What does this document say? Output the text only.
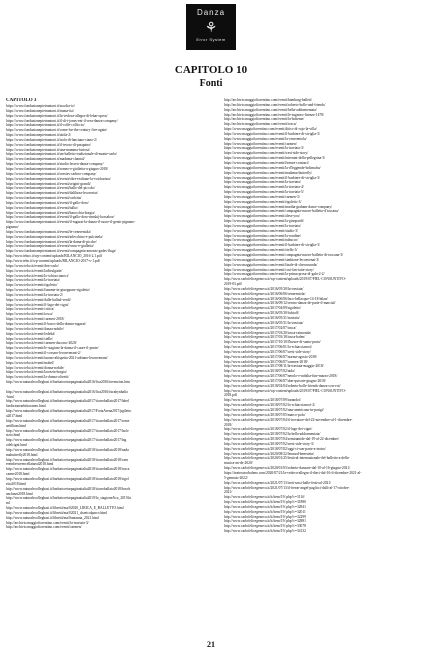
Danza
⚘
Error System
CAPITOLO 10
Fonti
CAPITOLO 3
https://www.fondazionepietrantoni.it/ascolta-io/
https://www.fondazionepietrantoni.it/trama-ita/
https://www.fondazionepietrantoni.it/la-vedova-allegra-di-lehar-opera/
https://www.fondazionepietrantoni.it/il-di-t-jones-ent-il-crea-danza-company/
https://www.fondazionepietrantoni.it/il-colle-colliccio/
https://www.fondazionepietrantoni.it/come-far-the-century-five-again/
https://www.fondazionepietrantoni.it/attila-2/
https://www.fondazionepietrantoni.it/isola-di-lanciano-ciano-2/
https://www.fondazionepietrantoni.it/il-tesoro-di-pasquino/
https://www.fondazionepietrantoni.it/una-mamma-furiosa/
https://www.fondazionepietrantoni.it/un-balletto-tradizionale-di-monte-carlo/
https://www.fondazionepietrantoni.it/madama-chantal/
https://www.fondazionepietrantoni.it/studio-lecreo-danza-company/
https://www.fondazionepietrantoni.it/romeo-e-giulietta-a-giugno-2018/
https://www.fondazionepietrantoni.it/orestes-carlino-company/
https://www.fondazionepietrantoni.it/eventi/oltre-realtune-la-voicharista/
https://www.fondazionepietrantoni.it/eventi/origini-grandi/
https://www.fondazionepietrantoni.it/eventi/ballo-del-piccolo/
https://www.fondazionepietrantoni.it/eventi/dalilizza-lecorestar/
https://www.fondazionepietrantoni.it/eventi/carlotta/
https://www.fondazionepietrantoni.it/eventi/il-gallo-doro/
https://www.fondazionepietrantoni.it/eventi/tullio/
https://www.fondazionepietrantoni.it/eventi/barocchia-borgia/
https://www.fondazionepietrantoni.it/eventi/il-gallo-doro-rimskij-korsakov/
https://www.fondazionepietrantoni.it/eventi/il-ragazzi-la-danza-il-cuore-il-genio-pignano-
pignano/
https://www.fondazionepietrantoni.it/eventi/le-cenerentola/
https://www.fondazionepietrantoni.it/eventi/arlecchino-e-pulcinela/
https://www.fondazionepietrantoni.it/eventi/la-dama-di-picche/
https://www.fondazionepietrantoni.it/eventi/rosso-e-gialletta/
https://www.fondazionepietrantoni.it/eventi/compagnia-antonio-gades-flugs/
http://www.teboo.it/wp-content/uploads/BILANCIO_2016-2.1.pdf
http://www.tebo.it/wp-content/uploads/BILANCIO-2017-v-1.pdf
https://www.tebo.it/eventi/den-carlo/
https://www.tebo.it/eventi/ladivulgatie/
https://www.tebo.it/eventi/lo-schiaccianoci/
https://www.tebo.it/eventi/la-traviata/
https://www.tebo.it/eventi/rigoletto/
https://www.tebo.it/eventi/fiamme-in-giuoppone-rigoletto/
https://www.tebo.it/eventi/la-traviata-2/
https://www.tebo.it/eventi/dalle-ballad-verdi/
https://www.tebo.it/eventi/il-lago-dei-cigni/
https://www.tebo.it/eventi/critica/
https://www.tebo.it/eventi/tosca/
https://www.tebo.it/eventi/carmen-2018/
https://www.tebo.it/eventi/il-barco-della-donna-ragazzi/
https://www.tebo.it/eventi/danza-nobile/
https://www.tebo.it/eventi/fedeltà/
https://www.tebo.it/eventi/stelle/
https://www.tebo.it/eventi/carmen-dacorso-2020/
https://www.tebo.it/eventi/le-stagioni-la-danza-il-cuore-il-ponte/
https://www.tebo.it/eventi/il-corsaro-leconvenant-2/
https://www.tebo.it/eventi/turano-altispetta-2021-adriano-leconvenant/
https://www.tebo.it/eventi/mabel/
https://www.tebo.it/eventi/donna-nobile/
https://www.tebo.it/eventi/lacrezia-borgia/
https://www.tebo.it/eventi/la-donna-olivetti/
http://www.naturalecollegbasi.it/barbatoceiarpaginaitalia2016/lica2016/invenzion.htm

http://www.naturalecollegbasi.it/barbatoceiarpaginaitalia2016/lica2016/istrabynbalia
-html
http://www.naturalecollegbasi.it/barbatoceiarpaginaitalia2017/ticaroballato2017/label
laedizionearbittoraneo.html
http://www.naturalecollegbasi.it/barbatoceiarpaginaitalia2017/FortaArena2017/pgiletto
a2017.html
http://www.naturalecollegbasi.it/barbatoceiarpaginaitalia2017/ticaroballato2017/rome
aetilliam.html
http://www.naturalecollegbasi.it/barbatoceiarpaginaitalia2017/ticaroballato2017/lacle
sizio.html
http://www.naturalecollegbasi.it/barbatoceiarpaginaitalia2017/ticaroballato2017/lag
odelcigni.html
http://www.naturalecollegbasi.it/barbatoceiarpaginaitalia2018/ticaroballato2018/nada
mabutterfly2018.html
http://www.naturalecollegbasi.it/barbatoceiarpaginaitalia2018/ticaroballato2018/cam
ereinbetweencellataeal2018.html
http://www.naturalecollegbasi.it/barbatoceiarpaginaitalia2018/ticaroballato2018/tosca
carme2018.html
http://www.naturalecollegbasi.it/barbatoceiarpaginaitalia2018/ticaroballato2018/rigol
etto2018.html
http://www.naturalecollegbasi.it/barbatoceiarpaginaitalia2018/ticaroballato2018/bosch
anclanzi2018.html
http://www.naturalecollegbasi.it/barbatoceiarpaginaitalia2019/lo_stagione/lica_2019.ht
ml
http://www.naturalecollegbasi.it/libretti/ma/02020_LIRICA_E_BALLETTO.html
http://www.naturalecollegbasi.it/libretti/ma/02021_chaeicalparco.html
http://www.naturalecollegbasi.it/libretti/ma/Santanna_2021.html
http://archivio.maggiofiorentino.com/eventi/la-traviata-3/
http://archivio.maggiofiorentino.com/eventi/carmen/
http://archivio.maggiofiorentino.com/eventi/bamburg-ballett/
http://archivio.maggiofiorentino.com/eventi/roberto-bolle-and-friends/
http://archivio.maggiofiorentino.com/eventi/bella-addormentata/
http://archivio.maggiofiorentino.com/eventi/le-sugnoro-firenze-1478/
http://archivio.maggiofiorentino.com/eventi/la-boheme/
http://archivio.maggiofiorentino.com/eventi/tosca/
https://www.maggiofiorentino.com/eventi/ditico-di-rojo-la-villa/
https://www.maggiofiorentino.com/eventi/il-barbiere-di-siviglia-3/
https://www.maggiofiorentino.com/eventi/la-cenerentola/
https://www.maggiofiorentino.com/eventi/carmen/
https://www.maggiofiorentino.com/eventi/la-traviata-3/
https://www.maggiofiorentino.com/eventi/west-side-story/
https://www.maggiofiorentino.com/eventi/interrani-della-pellegrina-3/
https://www.maggiofiorentino.com/eventi/firenze-contract/
https://www.maggiofiorentino.com/eventi/la-d'leggende-bolimafra/
https://www.maggiofiorentino.com/eventi/madama-butterfly/
https://www.maggiofiorentino.com/eventi/il-barbiere-di-siviglia-3/
https://www.maggiofiorentino.com/eventi/la-traviata/
https://www.maggiofiorentino.com/eventi/la-traviata-4/
https://www.maggiofiorentino.com/eventi/la-traviata-5/
https://www.maggiofiorentino.com/eventi/carmen-3/
https://www.maggiofiorentino.com/eventi/rigoletto-3/
https://www.maggiofiorentino.com/eventi/martha-graham-dance-company/
https://www.maggiofiorentino.com/eventi/compagnia-nuovo-balletto-d'toscana/
https://www.maggiofiorentino.com/eventi/aless-you/
https://www.maggiofiorentino.com/eventi/la-ginopardi/
https://www.maggiofiorentino.com/eventi/la-traviata/
https://www.maggiofiorentino.com/eventi/studio-3/
https://www.maggiofiorentino.com/eventi/la-rondine/
https://www.maggiofiorentino.com/eventi/nabucco/
https://www.maggiofiorentino.com/eventi/il-barbiere-di-siviglia-3/
https://www.maggiofiorentino.com/eventi/otello-3/
https://www.maggiofiorentino.com/eventi/compagnia-nuovo-balletto-di-toscana-3/
https://www.maggiofiorentino.com/eventi/simbione-leconvenat-3/
https://www.maggiofiorentino.com/eventi/finale-di-cherossonda/
https://www.maggiofiorentino.com/eventi/cosi-fan-tutte-story/
https://www.maggiofiorentino.com/eventi/la-prima-prosa-di-gala-2-2/
http://www.carlofelicegenova.it/wp-content/uploads/2019/07/PIEL-CONSUNTIVO-
2019-03.pdf
http://www.carlofelicegenova.it/2016/05/30/la-traviata/
http://www.carlofelicegenova.it/2016/06/06/cenerentola/
http://www.carlofelicegenova.it/2016/06/06/laco-bellacque-14-18-bilan/
http://www.carlofelicegenova.it/2016/09/12/centro-danza-de-parte-il-marcial/
http://www.carlofelicegenova.it/2017/04/09/rigoletto/
http://www.carlofelicegenova.it/2016/05/30/falstaff/
http://www.carlofelicegenova.it/2016/05/31/traviata/
http://www.carlofelicegenova.it/2016/05/31/la-traviata/
http://www.carlofelicegenova.it/2017/02/07/tosca/
http://www.carlofelicegenova.it/2017/03/20/tosca-raimonda/
http://www.carlofelicegenova.it/2017/03/18/tosca-balen/
http://www.carlofelicegenova.it/2017/10/10/l'hustre-di-santo-prato/
http://www.carlofelicegenova.it/2017/06/01/lo-schiaccianoci/
http://www.carlofelicegenova.it/2017/06/07/west-side-story/
http://www.carlofelicegenova.it/2017/06/07/norma-agosto-2018/
http://www.carlofelicegenova.it/2017/06/07/carmen-2018/
http://www.carlofelicegenova.it/2017/08/11/la-traviata-maggio-2018/
http://www.carlofelicegenova.it/2018/07/02/aida/
http://www.carlofelicegenova.it/2017/06/07/nerolo-e-nobilta-fine-marzo-2018/
http://www.carlofelicegenova.it/2017/06/07/don-quixote-giugno-2018/
http://www.carlofelicegenova.it/2018/02/04/roberto-bolle-friends-danza-con-voi/
http://www.carlofelicegenova.it/wp-content/uploads/2019/07/PIEL-CONSUNTIVO-
2018.pdf
http://www.carlofelicegenova.it/2018/07/09/turandot/
http://www.carlofelicegenova.it/2018/07/02/lo-schiaccianoci-2/
http://www.carlofelicegenova.it/2018/07/02/una-americano-in-parigi/
http://www.carlofelicegenova.it/2018/07/05/marco-polo/
http://www.carlofelicegenova.it/2018/07/04/il-trovatore-del-22-novembre-al-1-dicembre-
2018/
http://www.carlofelicegenova.it/2018/07/02/il-lago-dei-cigni/
http://www.carlofelicegenova.it/2018/07/02/la-bella-addormentata/
http://www.carlofelicegenova.it/2018/07/04/semiramide-dal-19-al-22-dicembre/
http://www.carlofelicegenova.it/2018/07/02/west-side-story-3/
http://www.carlofelicegenova.it/2018/07/02/oggi-ci-son-parte-a-teatro/
http://www.carlofelicegenova.it/2020/08/22/leonard-bernstein/
http://www.carlofelicegenova.it/2020/01/25/festival-internazionale-del-balletto-a-della-
musica-an-de-2020/
http://www.carlofelicegenova.it/2020/01/03/roberto-danzare-dal-10-al-16-giugno-2021/
https://teatroarcobaleno.com/2020/07/21/la-vedova-allegra-il-dieci-dal-16-il-dicembre-2021-al-
5-gennaio-2022/
http://www.carlofelicegenova.it/2021/07/13/torti-sassi-balle-festival-2021/
http://www.carlofelicegenova.it/2021/07/13/il-freear-angel-paglicci-dalli-al-17-ottobre-
2021/
http://www.carlofelicegenova.it/it/item/19/.php?c=311ff
http://www.carlofelicegenova.it/it/item/19/.php?c=31880
http://www.carlofelicegenova.it/it/item/19/.php?c=32841
http://www.carlofelicegenova.it/it/item/19/.php?c=32011
http://www.carlofelicegenova.it/it/item/19/.php?c=32299
http://www.carlofelicegenova.it/it/item/19/.php?c=32881
http://www.carlofelicegenova.it/it/item/19/.php?c=33078
http://www.carlofelicegenova.it/it/item/19/.php?c=34132
21
